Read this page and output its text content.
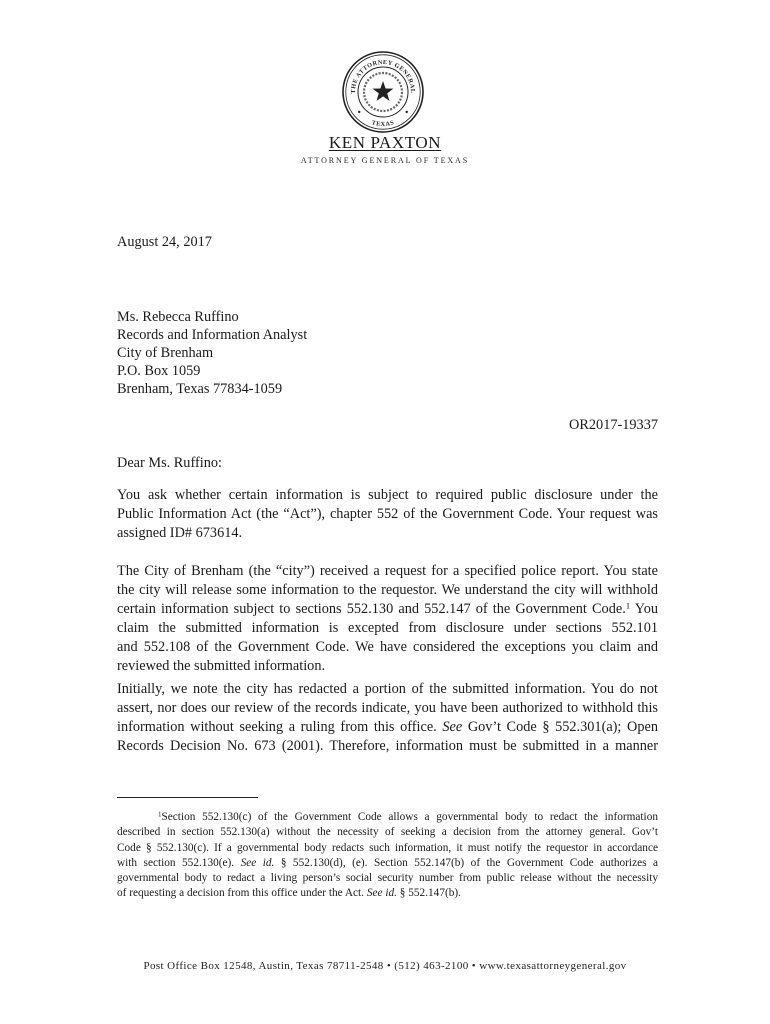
THE ATTORNEY GENERAL
TEXAS
KEN PAXTON
ATTORNEY GENERAL OF TEXAS
August 24, 2017
Ms. Rebecca Ruffino
Records and Information Analyst
City of Brenham
P.O. Box 1059
Brenham, Texas 77834-1059
OR2017-19337
Dear Ms. Ruffino:
You ask whether certain information is subject to required public disclosure under the
Public Information Act (the “Act”), chapter 552 of the Government Code. Your request was
assigned ID# 673614.
The City of Brenham (the “city”) received a request for a specified police report. You state
the city will release some information to the requestor. We understand the city will withhold
certain information subject to sections 552.130 and 552.147 of the Government Code.$^1$ You
claim the submitted information is excepted from disclosure under sections 552.101
and 552.108 of the Government Code. We have considered the exceptions you claim and
reviewed the submitted information.
Initially, we note the city has redacted a portion of the submitted information. You do not
assert, nor does our review of the records indicate, you have been authorized to withhold this
information without seeking a ruling from this office. See Gov’t Code § 552.301(a); Open
Records Decision No. 673 (2001). Therefore, information must be submitted in a manner
$^1$Section 552.130(c) of the Government Code allows a governmental body to redact the information
described in section 552.130(a) without the necessity of seeking a decision from the attorney general. Gov’t
Code § 552.130(c). If a governmental body redacts such information, it must notify the requestor in accordance
with section 552.130(e). See id. § 552.130(d), (e). Section 552.147(b) of the Government Code authorizes a
governmental body to redact a living person’s social security number from public release without the necessity
of requesting a decision from this office under the Act. See id. § 552.147(b).
Post Office Box 12548, Austin, Texas 78711-2548 • (512) 463-2100 • www.texasattorneygeneral.gov
